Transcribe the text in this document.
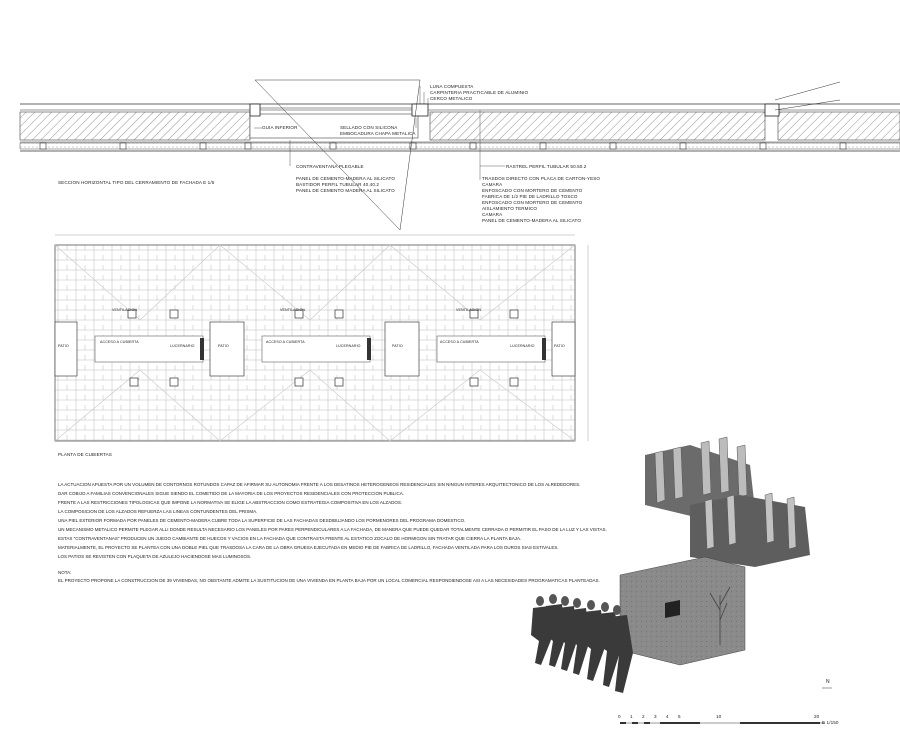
LUNA COMPUESTA
CARPINTERIA PRACTICABLE DE ALUMINIO
CERCO METALICO
SELLADO CON SILICONA
EMBOCADURA CHAPA METALICA
GUIA INFERIOR
CONTRAVENTANA PLEGABLE
PANEL DE CEMENTO-MADERA AL SILICATO
BASTIDOR PERFIL TUBULAR 40.40.2
PANEL DE CEMENTO MADERA AL SILICATO
RASTREL PERFIL TUBULAR 50.50.2
TRASDOS DIRECTO CON PLACA DE CARTON-YESO
CAMARA
ENFOSCADO CON MORTERO DE CEMENTO
FABRICA DE 1/2 PIE DE LADRILLO TOSCO
ENFOSCADO CON MORTERO DE CEMENTO
AISLAMIENTO TERMICO
CAMARA
PANEL DE CEMENTO-MADERA AL SILICATO
SECCION HORIZONTAL TIPO DEL CERRAMIENTO DE FACHADA E 1/5
PATIO
ACCESO A CUBIERTA
LUCERNARIO	PATIO
ACCESO A CUBIERTA
LUCERNARIO	PATIO
ACCESO A CUBIERTA
LUCERNARIO	PATIO
VENTILACION	VENTILACION	VENTILACION
PLANTA DE CUBIERTAS
LA ACTUACION APUESTA POR UN VOLUMEN DE CONTORNOS ROTUNDOS CAPAZ DE AFIRMAR SU AUTONOMIA FRENTE A LOS DESATINOS HETEROGENEOS RESIDENCIALES SIN NINGUN INTERES ARQUITECTONICO DE LOS ALREDEDORES.
DAR COBIJO A FAMILIAS CONVENCIONALES SIGUE SIENDO EL COMETIDO DE LA MAYORIA DE LOS PROYECTOS RESIDENCIALES CON PROTECCION PUBLICA.
FRENTE A LAS RESTRICCIONES TIPOLOGICAS QUE IMPONE LA NORMATIVA SE ELIGE LA ABSTRACCION COMO ESTRATEGIA COMPOSITIVA EN LOS ALZADOS.
LA COMPOSICION DE LOS ALZADOS REFUERZA LAS LINEAS CONTUNDENTES DEL PRISMA.
UNA PIEL EXTERIOR FORMADA POR PANELES DE CEMENTO-MADERA CUBRE TODA LA SUPERFICIE DE LAS FACHADAS DESDIBUJANDO LOS PORMENORES DEL PROGRAMA DOMESTICO.
UN MECANISMO METALICO PERMITE PLEGAR ALLI DONDE RESULTA NECESARIO LOS PANELES POR PARES PERPENDICULARES A LA FACHADA, DE MANERA QUE PUEDE QUEDAR TOTALMENTE CERRADA O PERMITIR EL PASO DE LA LUZ Y LAS VISTAS.
ESTAS "CONTRAVENTANAS" PRODUCEN UN JUEGO CAMBIANTE DE HUECOS Y VACIOS EN LA FACHADA QUE CONTRASTA FRENTE AL ESTATICO ZOCALO DE HORMIGON SIN TRATAR QUE CIERRA LA PLANTA BAJA.
MATERIALMENTE, EL PROYECTO SE PLANTEA CON UNA DOBLE PIEL QUE TRASDOSA LA CARA DE LA OBRA GRUESA EJECUTADA EN MEDIO PIE DE FABRICA DE LADRILLO, FACHADA VENTILADA PARA LOS DUROS SIAS ESTIVALES.
LOS PATIOS SE REVISTEN CON PLAQUETA DE AZULEJO HACIENDOSE MAS LUMINOSOS.
NOTA:
EL PROYECTO PROPONE LA CONSTRUCCION DE 39 VIVIENDAS, NO OBSTANTE ADMITE LA SUSTITUCION DE UNA VIVIENDA EN PLANTA BAJA POR UN LOCAL COMERCIAL RESPONDIENDOSE ASI A LAS NECESIDADES PROGRAMATICAS PLANTEADAS.
N
0 1 2 3 4 5	10	20
E 1/150
